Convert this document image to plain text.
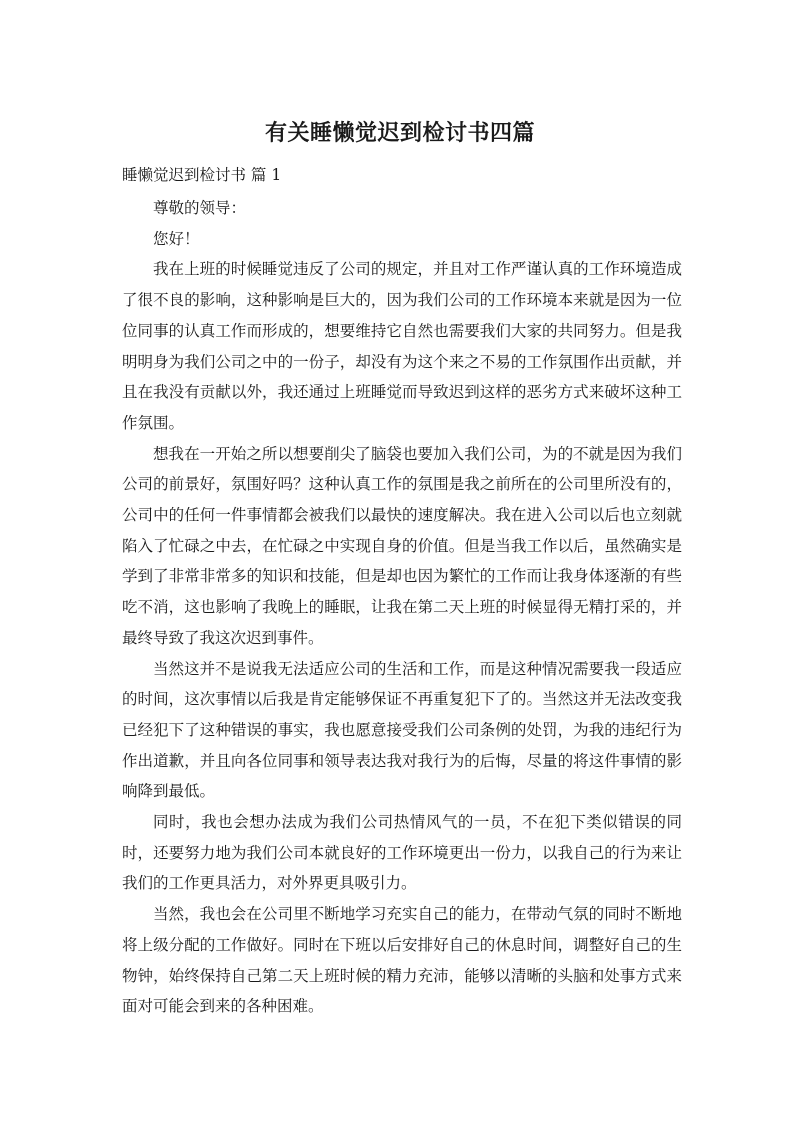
有关睡懒觉迟到检讨书四篇

睡懒觉迟到检讨书 篇 1

尊敬的领导：

您好！

我在上班的时候睡觉违反了公司的规定，并且对工作严谨认真的工作环境造成了很不良的影响，这种影响是巨大的，因为我们公司的工作环境本来就是因为一位位同事的认真工作而形成的，想要维持它自然也需要我们大家的共同努力。但是我明明身为我们公司之中的一份子，却没有为这个来之不易的工作氛围作出贡献，并且在我没有贡献以外，我还通过上班睡觉而导致迟到这样的恶劣方式来破坏这种工作氛围。

想我在一开始之所以想要削尖了脑袋也要加入我们公司，为的不就是因为我们公司的前景好，氛围好吗？这种认真工作的氛围是我之前所在的公司里所没有的，公司中的任何一件事情都会被我们以最快的速度解决。我在进入公司以后也立刻就陷入了忙碌之中去，在忙碌之中实现自身的价值。但是当我工作以后，虽然确实是学到了非常非常多的知识和技能，但是却也因为繁忙的工作而让我身体逐渐的有些吃不消，这也影响了我晚上的睡眠，让我在第二天上班的时候显得无精打采的，并最终导致了我这次迟到事件。

当然这并不是说我无法适应公司的生活和工作，而是这种情况需要我一段适应的时间，这次事情以后我是肯定能够保证不再重复犯下了的。当然这并无法改变我已经犯下了这种错误的事实，我也愿意接受我们公司条例的处罚，为我的违纪行为作出道歉，并且向各位同事和领导表达我对我行为的后悔，尽量的将这件事情的影响降到最低。

同时，我也会想办法成为我们公司热情风气的一员，不在犯下类似错误的同时，还要努力地为我们公司本就良好的工作环境更出一份力，以我自己的行为来让我们的工作更具活力，对外界更具吸引力。

当然，我也会在公司里不断地学习充实自己的能力，在带动气氛的同时不断地将上级分配的工作做好。同时在下班以后安排好自己的休息时间，调整好自己的生物钟，始终保持自己第二天上班时候的精力充沛，能够以清晰的头脑和处事方式来面对可能会到来的各种困难。
